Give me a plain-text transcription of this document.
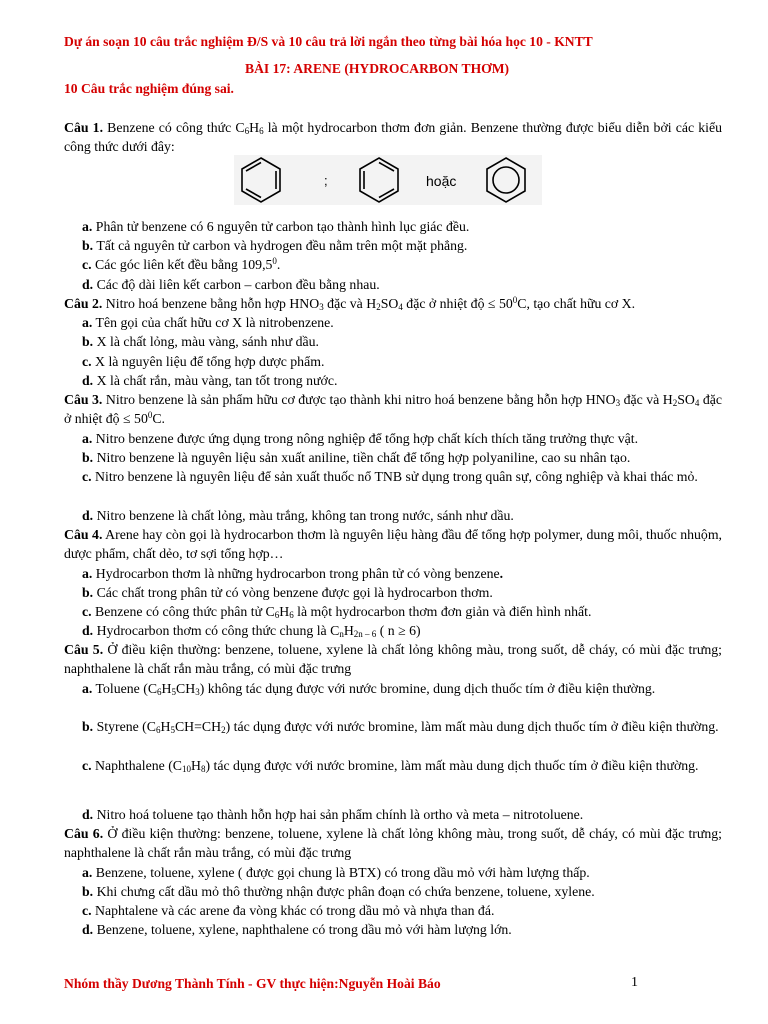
Dự án soạn 10 câu trắc nghiệm Đ/S và 10 câu trả lời ngắn theo từng bài hóa học 10 - KNTT
BÀI 17: ARENE (HYDROCARBON THƠM)
10 Câu trắc nghiệm đúng sai.
Câu 1. Benzene có công thức $C_6H_6$ là một hydrocarbon thơm đơn giản. Benzene thường được biểu diễn bởi các kiểu công thức dưới đây:
;	hoặc
a. Phân tử benzene có 6 nguyên tử carbon tạo thành hình lục giác đều.
b. Tất cả nguyên tử carbon và hydrogen đều nằm trên một mặt phẳng.
c. Các góc liên kết đều bằng 109,5$^0$.
d. Các độ dài liên kết carbon – carbon đều bằng nhau.
Câu 2. Nitro hoá benzene bằng hỗn hợp $HNO_3$ đặc và $H_2SO_4$ đặc ở nhiệt độ ≤ $50^0C$, tạo chất hữu cơ X.
a. Tên gọi của chất hữu cơ X là nitrobenzene.
b. X là chất lỏng, màu vàng, sánh như dầu.
c. X là nguyên liệu để tổng hợp dược phẩm.
d. X là chất rắn, màu vàng, tan tốt trong nước.
Câu 3. Nitro benzene là sản phẩm hữu cơ được tạo thành khi nitro hoá benzene bằng hỗn hợp $HNO_3$ đặc và $H_2SO_4$ đặc ở nhiệt độ ≤ $50^0C$.
a. Nitro benzene được ứng dụng trong nông nghiệp để tổng hợp chất kích thích tăng trưởng thực vật.
b. Nitro benzene là nguyên liệu sản xuất aniline, tiền chất để tổng hợp polyaniline, cao su nhân tạo.
c. Nitro benzene là nguyên liệu để sản xuất thuốc nổ TNB sử dụng trong quân sự, công nghiệp và khai thác mỏ.
d. Nitro benzene là chất lỏng, màu trắng, không tan trong nước, sánh như dầu.
Câu 4. Arene hay còn gọi là hydrocarbon thơm là nguyên liệu hàng đầu để tổng hợp polymer, dung môi, thuốc nhuộm, dược phẩm, chất dẻo, tơ sợi tổng hợp…
a. Hydrocarbon thơm là những hydrocarbon trong phân tử có vòng benzene.
b. Các chất trong phân tử có vòng benzene được gọi là hydrocarbon thơm.
c. Benzene có công thức phân tử $C_6H_6$ là một hydrocarbon thơm đơn giản và điển hình nhất.
d. Hydrocarbon thơm có công thức chung là $C_nH_{2n - 6}$ ( n ≥ 6)
Câu 5. Ở điều kiện thường: benzene, toluene, xylene là chất lỏng không màu, trong suốt, dễ cháy, có mùi đặc trưng; naphthalene là chất rắn màu trắng, có mùi đặc trưng
a. Toluene $(C_6H_5CH_3)$ không tác dụng được với nước bromine, dung dịch thuốc tím ở điều kiện thường.
b. Styrene $(C_6H_5CH=CH_2)$ tác dụng được với nước bromine, làm mất màu dung dịch thuốc tím ở điều kiện thường.
c. Naphthalene $(C_{10}H_8)$ tác dụng được với nước bromine, làm mất màu dung dịch thuốc tím ở điều kiện thường.
d. Nitro hoá toluene tạo thành hỗn hợp hai sản phẩm chính là ortho và meta – nitrotoluene.
Câu 6. Ở điều kiện thường: benzene, toluene, xylene là chất lỏng không màu, trong suốt, dễ cháy, có mùi đặc trưng; naphthalene là chất rắn màu trắng, có mùi đặc trưng
a. Benzene, toluene, xylene ( được gọi chung là BTX) có trong dầu mỏ với hàm lượng thấp.
b. Khi chưng cất dầu mỏ thô thường nhận được phân đoạn có chứa benzene, toluene, xylene.
c. Naphtalene và các arene đa vòng khác có trong dầu mỏ và nhựa than đá.
d. Benzene, toluene, xylene, naphthalene có trong dầu mỏ với hàm lượng lớn.
Nhóm thầy Dương Thành Tính - GV thực hiện:Nguyễn Hoài Báo	1
